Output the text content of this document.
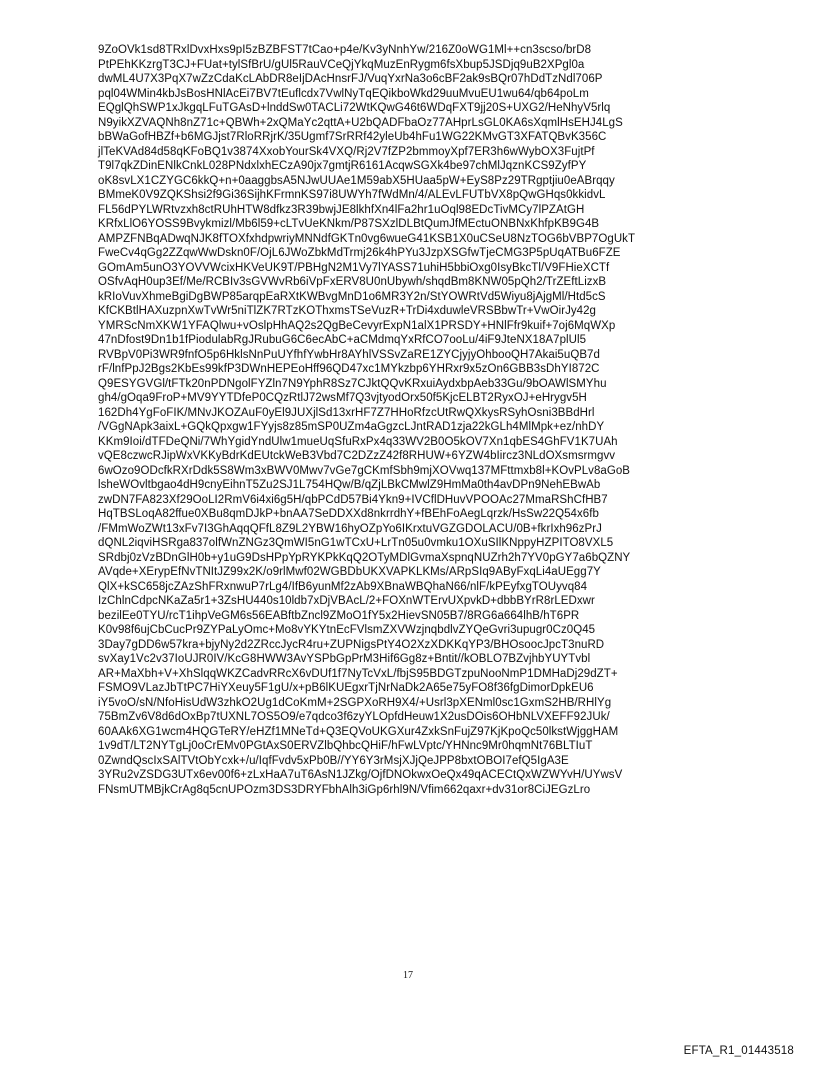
9ZoOVk1sd8TRxlDvxHxs9pI5zBZBFST7tCao+p4e/Kv3yNnhYw/216Z0oWG1Ml++cn3scso/brD8
PtPEhKKzrgT3CJ+FUat+tylSfBrU/gUl5RauVCeQjYkqMuzEnRygm6fsXbup5JSDjq9uB2XPgl0a
dwML4U7X3PqX7wZzCdaKcLAbDR8eIjDAcHnsrFJ/VuqYxrNa3o6cBF2ak9sBQr07hDdTzNdl706P
pql04WMin4kbJsBosHNlAcEi7BV7tEuflcdx7VwlNyTqEQikboWkd29uuMvuEU1wu64/qb64poLm
EQglQhSWP1xJkgqLFuTGAsD+lnddSw0TACLi72WtKQwG46t6WDqFXT9jj20S+UXG2/HeNhyV5rlq
N9yikXZVAQNh8nZ71c+QBWh+2xQMaYc2qttA+U2bQADFbaOz77AHprLsGL0KA6sXqmlHsEHJ4LgS
bBWaGofHBZf+b6MGJjst7RloRRjrK/35Ugmf7SrRRf42yleUb4hFu1WG22KMvGT3XFATQBvK356C
jlTeKVAd84d58qKFoBQ1v3874XxobYourSk4VXQ/Rj2V7fZP2bmmoyXpf7ER3h6wWybOX3FujtPf
T9l7qkZDinENlkCnkL028PNdxlxhECzA90jx7gmtjR6161AcqwSGXk4be97chMlJqznKCS9ZyfPY
oK8svLX1CZYGC6kkQ+n+0aaggbsA5NJwUUAe1M59abX5HUaa5pW+EyS8Pz29TRgptjiu0eABrqqy
BMmeK0V9ZQKShsi2f9Gi36SijhKFrmnKS97i8UWYh7fWdMn/4/ALEvLFUTbVX8pQwGHqs0kkidvL
FL56dPYLWRtvzxh8ctRUhHTW8dfkz3R39bwjJE8lkhfXn4lFa2hr1uOql98EDcTivMCy7lPZAtGH
KRfxLlO6YOSS9Bvykmizl/Mb6l59+cLTvUeKNkm/P87SXzlDLBtQumJfMEctuONBNxKhfpKB9G4B
AMPZFNBqADwqNJK8fTOXfxhdpwriyMNNdfGKTn0vg6wueG41KSB1X0uCSeU8NzTOG6bVBP7OgUkT
FweCv4qGg2ZZqwWwDskn0F/OjL6JWoZbkMdTrmj26k4hPYu3JzpXSGfwTjeCMG3P5pUqATBu6FZE
GOmAm5unO3YOVVWcixHKVeUK9T/PBHgN2M1Vy7lYASS71uhiH5bbiOxg0IsyBkcTl/V9FHieXCTf
OSfvAqH0up3Ef/Me/RCBIv3sGVWvRb6iVpFxERV8U0nUbywh/shqdBm8KNW05pQh2/TrZEftLizxB
kRIoVuvXhmeBgiDgBWP85arqpEaRXtKWBvgMnD1o6MR3Y2n/StYOWRtVd5Wiyu8jAjgMl/Htd5cS
KfCKBtlHAXuzpnXwTvWr5niTlZK7RTzKOThxmsTSeVuzR+TrDi4xduwleVRSBbwTr+VwOirJy42g
YMRScNmXKW1YFAQlwu+vOslpHhAQ2s2QgBeCevyrExpN1alX1PRSDY+HNlFfr9kuif+7oj6MqWXp
47nDfost9Dn1b1fPiodulabRgJRubuG6C6ecAbC+aCMdmqYxRfCO7ooLu/4iF9JteNX18A7plUl5
RVBpV0Pi3WR9fnfO5p6HklsNnPuUYfhfYwbHr8AYhlVSSvZaRE1ZYCjyjyOhbooQH7Akai5uQB7d
rF/lnfPpJ2Bgs2KbEs99kfP3DWnHEPEoHff96QD47xc1MYkzbp6YHRxr9x5zOn6GBB3sDhYI872C
Q9ESYGVGl/tFTk20nPDNgolFYZln7N9YphR8Sz7CJktQQvKRxuiAydxbpAeb33Gu/9bOAWlSMYhu
gh4/gOqa9FroP+MV9YYTDfeP0CQzRtlJ72wsMf7Q3vjtyodOrx50f5KjcELBT2RyxOJ+eHrygv5H
162Dh4YgFoFIK/MNvJKOZAuF0yEl9JUXjlSd13xrHF7Z7HHoRfzcUtRwQXkysRSyhOsni3BBdHrl
/VGgNApk3aixL+GQkQpxgw1FYyjs8z85mSP0UZm4aGgzcLJntRAD1zja22kGLh4MlMpk+ez/nhDY
KKm9Ioi/dTFDeQNi/7WhYgidYndUlw1mueUqSfuRxPx4q33WV2B0O5kOV7Xn1qbES4GhFV1K7UAh
vQE8czwcRJipWxVKKyBdrKdEUtckWeB3Vbd7C2DZzZ42f8RHUW+6YZW4bIircz3NLdOXsmsrmgvv
6wOzo9ODcfkRXrDdk5S8Wm3xBWV0Mwv7vGe7gCKmfSbh9mjXOVwq137MFttmxb8l+KOvPLv8aGoB
lsheWOvltbgao4dH9cnyEihnT5Zu2SJ1L754HQw/B/qZjLBkCMwlZ9HmMa0th4avDPn9NehEBwAb
zwDN7FA823Xf29OoLI2RmV6i4xi6g5H/qbPCdD57Bi4Ykn9+IVCflDHuvVPOOAc27MmaRShCfHB7
HqTBSLoqA82ffue0XBu8qmDJkP+bnAA7SeDDXXd8nkrrdhY+fBEhFoAegLqrzk/HsSw22Q54x6fb
/FMmWoZWt13xFv7I3GhAqqQFfL8Z9L2YBW16hyOZpYo6IKrxtuVGZGDOLACU/0B+fkrIxh96zPrJ
dQNL2iqviHSRga837olfWnZNGz3QmWI5nG1wTCxU+LrTn05u0vmku1OXuSIlKNppyHZPITO8VXL5
SRdbj0zVzBDnGlH0b+y1uG9DsHPpYpRYKPkKqQ2OTyMDlGvmaXspnqNUZrh2h7YV0pGY7a6bQZNY
AVqde+XErypEfNvTNItJZ99x2K/o9rlMwf02WGBDbUKXVAPKLKMs/ARpSIq9AByFxqLi4aUEgg7Y
QlX+kSC658jcZAzShFRxnwuP7rLg4/IfB6yunMf2zAb9XBnaWBQhaN66/nlF/kPEyfxgTOUyvq84
IzChlnCdpcNKaZa5r1+3ZsHU440s10ldb7xDjVBAcL/2+FOXnWTErvUXpvkD+dbbBYrR8rLEDxwr
bezilEe0TYU/rcT1ihpVeGM6s56EABftbZncl9ZMoO1fY5x2HievSN05B7/8RG6a664lhB/hT6PR
K0v98f6ujCbCucPr9ZYPaLyOmc+Mo8vYKYtnEcFVlsmZXVWzjnqbdlvZYQeGvri3upugr0Cz0Q45
3Day7gDD6w57kra+bjyNy2d2ZRccJycR4ru+ZUPNigsPtY4O2XzXDKKqYP3/BHOsoocJpcT3nuRD
svXay1Vc2v37IoUJR0IV/KcG8HWW3AvYSPbGpPrM3Hif6Gg8z+Bntit//kOBLO7BZvjhbYUYTvbl
AR+MaXbh+V+XhSlqqWKZCadvRRcX6vDUf1f7NyTcVxL/fbjS95BDGTzpuNooNmP1DMHaDj29dZT+
FSMO9VLazJbTtPC7HiYXeuy5F1gU/x+pB6lKUEgxrTjNrNaDk2A65e75yFO8f36fgDimorDpkEU6
iY5voO/sN/NfoHisUdW3zhkO2Ug1dCoKmM+2SGPXoRH9X4/+Usrl3pXENml0sc1GxmS2HB/RHlYg
75BmZv6V8d6dOxBp7tUXNL7OS5O9/e7qdco3f6zyYLOpfdHeuw1X2usDOis6OHbNLVXEFF92JUk/
60AAk6XG1wcm4HQGTeRY/eHZf1MNeTd+Q3EQVoUKGXur4ZxkSnFujZ97KjKpoQc50lkstWjggHAM
1v9dT/LT2NYTgLj0oCrEMv0PGtAxS0ERVZlbQhbcQHiF/hFwLVptc/YHNnc9Mr0hqmNt76BLTIuT
0ZwndQscIxSAlTVtObYcxk+/u/IqfFvdv5xPb0B//YY6Y3rMsjXJjQeJPP8bxtOBOI7efQ5IgA3E
3YRu2vZSDG3UTx6ev00f6+zLxHaA7uT6AsN1JZkg/OjfDNOkwxOeQx49qACECtQxWZWYvH/UYwsV
FNsmUTMBjkCrAg8q5cnUPOzm3DS3DRYFbhAlh3iGp6rhl9N/Vfim662qaxr+dv31or8CiJEGzLro
17
EFTA_R1_01443518
